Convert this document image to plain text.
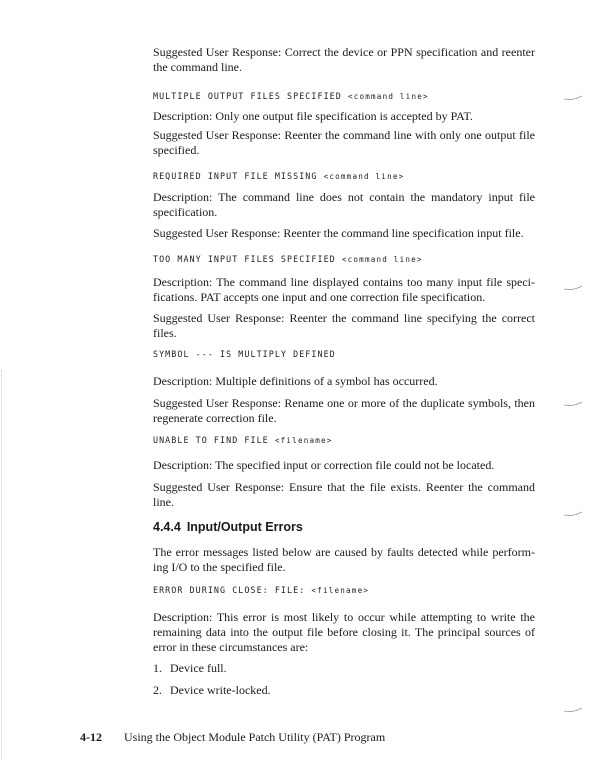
Suggested User Response: Correct the device or PPN specification and reenter the command line.

MULTIPLE OUTPUT FILES SPECIFIED <command line>

Description: Only one output file specification is accepted by PAT.

Suggested User Response: Reenter the command line with only one output file specified.

REQUIRED INPUT FILE MISSING <command line>

Description: The command line does not contain the mandatory input file specification.

Suggested User Response: Reenter the command line specification input file.

TOO MANY INPUT FILES SPECIFIED <command line>

Description: The command line displayed contains too many input file speci-fications. PAT accepts one input and one correction file specification.

Suggested User Response: Reenter the command line specifying the correct files.

SYMBOL --- IS MULTIPLY DEFINED

Description: Multiple definitions of a symbol has occurred.

Suggested User Response: Rename one or more of the duplicate symbols, then regenerate correction file.

UNABLE TO FIND FILE <filename>

Description: The specified input or correction file could not be located.

Suggested User Response: Ensure that the file exists. Reenter the command line.

4.4.4 Input/Output Errors

The error messages listed below are caused by faults detected while perform-ing I/O to the specified file.

ERROR DURING CLOSE: FILE: <filename>

Description: This error is most likely to occur while attempting to write the remaining data into the output file before closing it. The principal sources of error in these circumstances are:

1. Device full.

2. Device write-locked.

4-12 Using the Object Module Patch Utility (PAT) Program
